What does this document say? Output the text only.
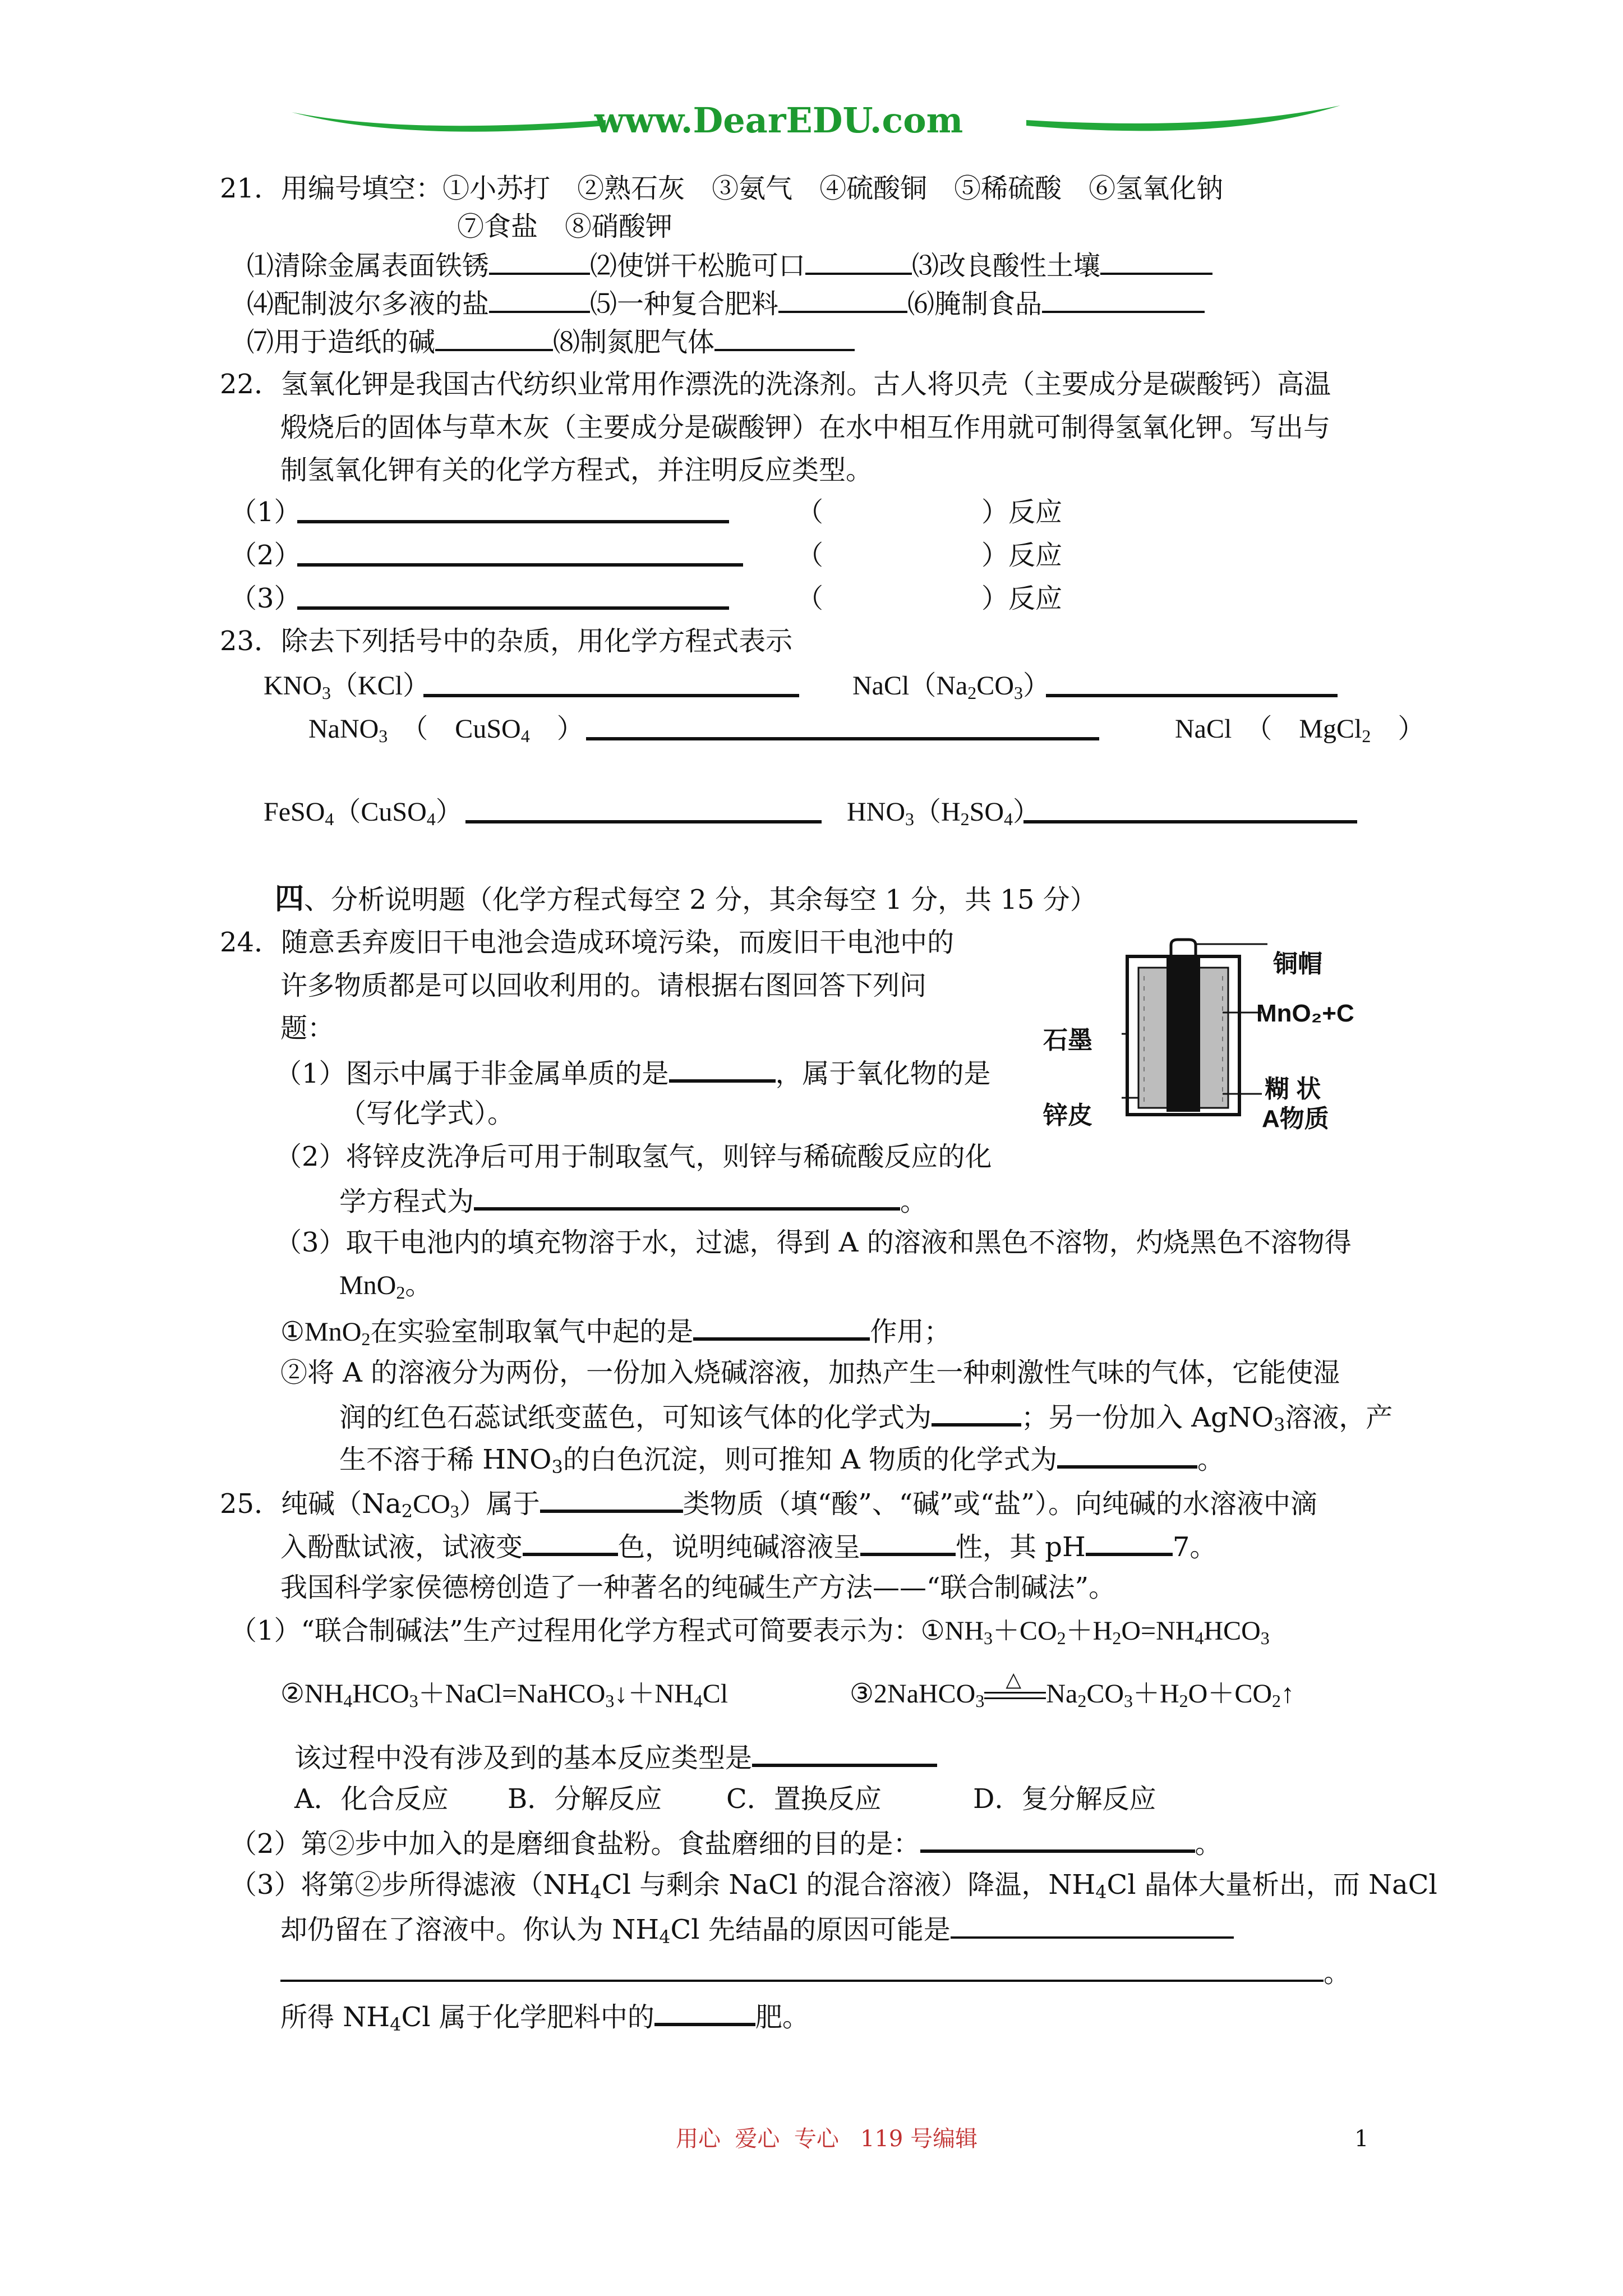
www.DearEDU.com
21．用编号填空：①小苏打　②熟石灰　③氨气　④硫酸铜　⑤稀硫酸　⑥氢氧化钠
⑦食盐　⑧硝酸钾
⑴清除金属表面铁锈	⑵使饼干松脆可口	⑶改良酸性土壤
⑷配制波尔多液的盐	⑸一种复合肥料	⑹腌制食品
⑺用于造纸的碱	⑻制氮肥气体
22．氢氧化钾是我国古代纺织业常用作漂洗的洗涤剂。古人将贝壳（主要成分是碳酸钙）高温
煅烧后的固体与草木灰（主要成分是碳酸钾）在水中相互作用就可制得氢氧化钾。写出与
制氢氧化钾有关的化学方程式，并注明反应类型。
（1）	（	）反应
（2）	（	）反应
（3）	（	）反应
23．除去下列括号中的杂质，用化学方程式表示
$KNO_3(KCl)$	$NaCl(Na_2CO_3)$
NaNO$_3$　（　CuSO$_4$　）	NaCl　（　MgCl$_2$　）
FeSO$_4$（CuSO$_4$）	$HNO_3(H_2SO_4)$
四、分析说明题（化学方程式每空 2 分，其余每空 1 分，共 15 分）
24．随意丢弃废旧干电池会造成环境污染，而废旧干电池中的
许多物质都是可以回收利用的。请根据右图回答下列问
题：
（1）图示中属于非金属单质的是	，属于氧化物的是
（写化学式）。
（2）将锌皮洗净后可用于制取氢气，则锌与稀硫酸反应的化
学方程式为	。
（3）取干电池内的填充物溶于水，过滤，得到 A 的溶液和黑色不溶物，灼烧黑色不溶物得
MnO$_2$。
①MnO$_2$在实验室制取氧气中起的是	作用；
②将 A 的溶液分为两份，一份加入烧碱溶液，加热产生一种刺激性气味的气体，它能使湿
润的红色石蕊试纸变蓝色，可知该气体的化学式为	；另一份加入 AgNO$_3$溶液，产
生不溶于稀 $HNO_3$的白色沉淀，则可推知 A 物质的化学式为	。
铜帽
MnO₂+C
糊 状
A物质
石墨
锌皮
25．纯碱$(Na_2CO_3)$属于	类物质（填“酸”、“碱”或“盐”）。向纯碱的水溶液中滴
入酚酞试液，试液变	色，说明纯碱溶液呈	性，其 pH	7。
我国科学家侯德榜创造了一种著名的纯碱生产方法——“联合制碱法”。
（1）“联合制碱法”生产过程用化学方程式可简要表示为：$①NH_3+CO_2+H_2O=NH_4HCO_3$
$②NH_4HCO_3+NaCl=NaHCO_3↓+NH_4Cl$	③2NaHCO$_3$
△ $Na_2CO_3+H_2O+CO_2↑$
该过程中没有涉及到的基本反应类型是
A．化合反应 B．分解反应 C．置换反应	D．复分解反应
（2）第②步中加入的是磨细食盐粉。食盐磨细的目的是：	。
（3）将第②步所得滤液（$NH_4Cl$ 与剩余 NaCl 的混合溶液）降温，$NH_4Cl$ 晶体大量析出，而 NaCl
却仍留在了溶液中。你认为 $NH_4Cl$ 先结晶的原因可能是
。
所得 $NH_4Cl$ 属于化学肥料中的	肥。
用心  爱心  专心   119 号编辑	1
